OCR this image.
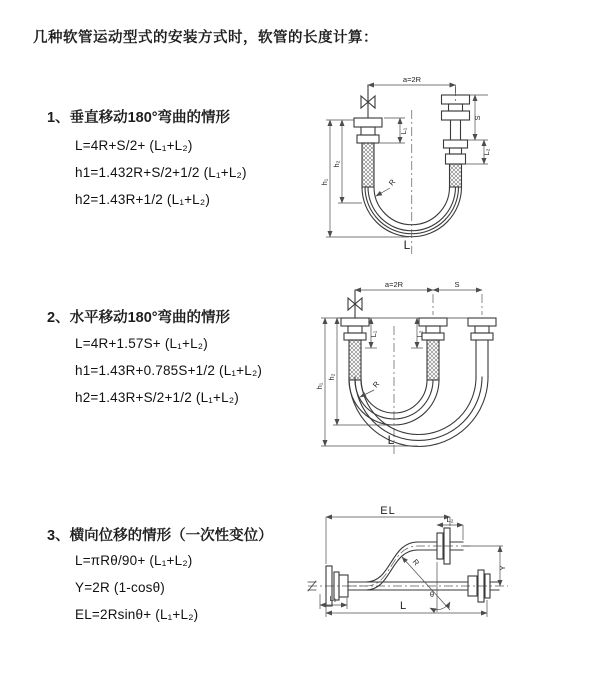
几种软管运动型式的安装方式时，软管的长度计算：
1、垂直移动180°弯曲的情形
L=4R+S/2+ (L₁+L₂)
h1=1.432R+S/2+1/2 (L₁+L₂)
h2=1.43R+1/2 (L₁+L₂)
2、水平移动180°弯曲的情形
L=4R+1.57S+ (L₁+L₂)
h1=1.43R+0.785S+1/2 (L₁+L₂)
h2=1.43R+S/2+1/2 (L₁+L₂)
3、横向位移的情形（一次性变位）
L=πRθ/90+ (L₁+L₂)
Y=2R (1-cosθ)
EL=2Rsinθ+ (L₁+L₂)
a=2R
h₁
h₂
L₁
S
L₂
R
L
a=2R	S
h₁
h₂
L₁	L₂
R
L
EL
L₂
Y
L
L₁	θ
R
